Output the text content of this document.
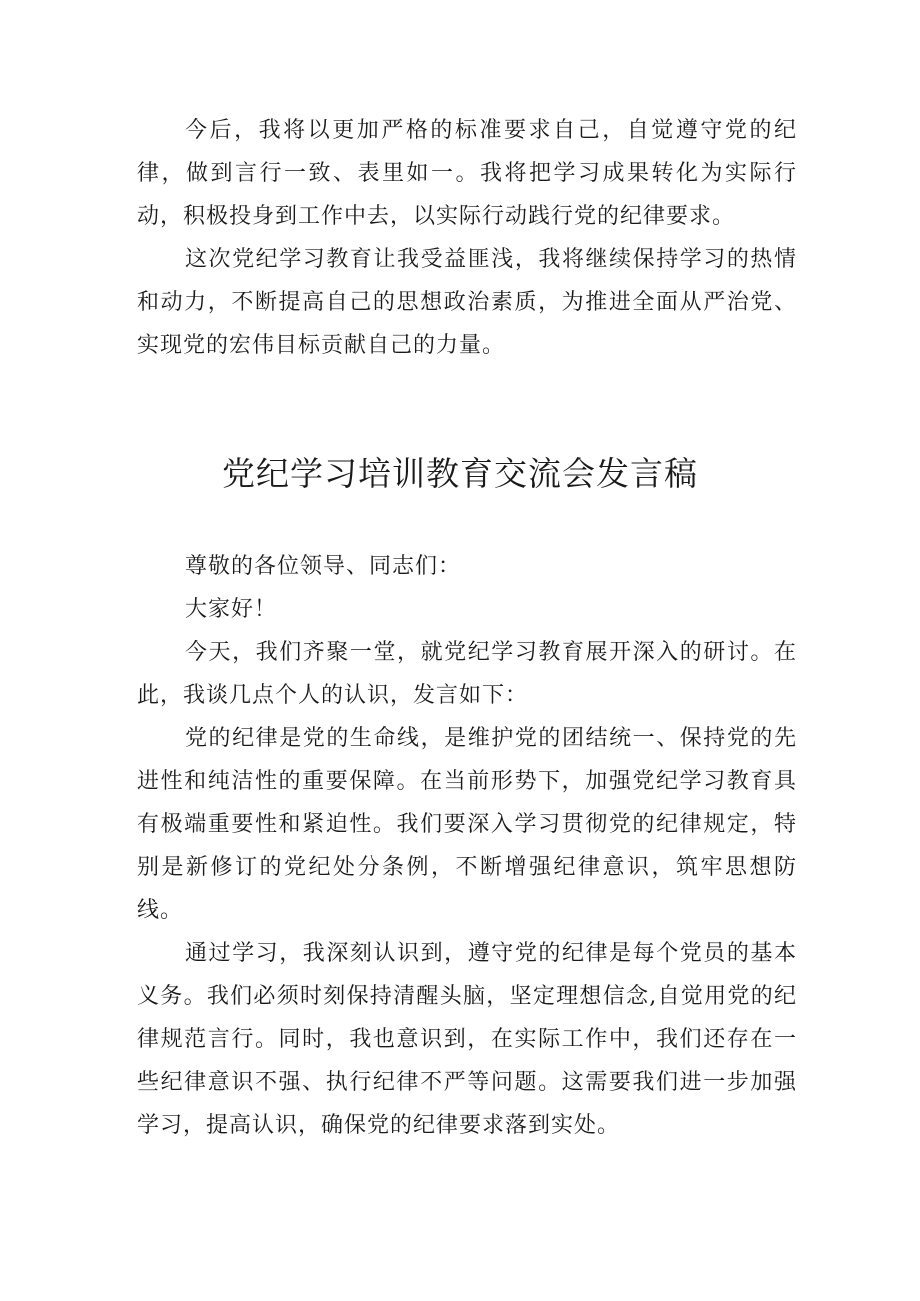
今后，我将以更加严格的标准要求自己，自觉遵守党的纪律，做到言行一致、表里如一。我将把学习成果转化为实际行动，积极投身到工作中去，以实际行动践行党的纪律要求。

这次党纪学习教育让我受益匪浅，我将继续保持学习的热情和动力，不断提高自己的思想政治素质，为推进全面从严治党、实现党的宏伟目标贡献自己的力量。

党纪学习培训教育交流会发言稿

尊敬的各位领导、同志们：

大家好！

今天，我们齐聚一堂，就党纪学习教育展开深入的研讨。在此，我谈几点个人的认识，发言如下：

党的纪律是党的生命线，是维护党的团结统一、保持党的先进性和纯洁性的重要保障。在当前形势下，加强党纪学习教育具有极端重要性和紧迫性。我们要深入学习贯彻党的纪律规定，特别是新修订的党纪处分条例，不断增强纪律意识，筑牢思想防线。

通过学习，我深刻认识到，遵守党的纪律是每个党员的基本义务。我们必须时刻保持清醒头脑，坚定理想信念,自觉用党的纪律规范言行。同时，我也意识到，在实际工作中，我们还存在一些纪律意识不强、执行纪律不严等问题。这需要我们进一步加强学习，提高认识，确保党的纪律要求落到实处。
